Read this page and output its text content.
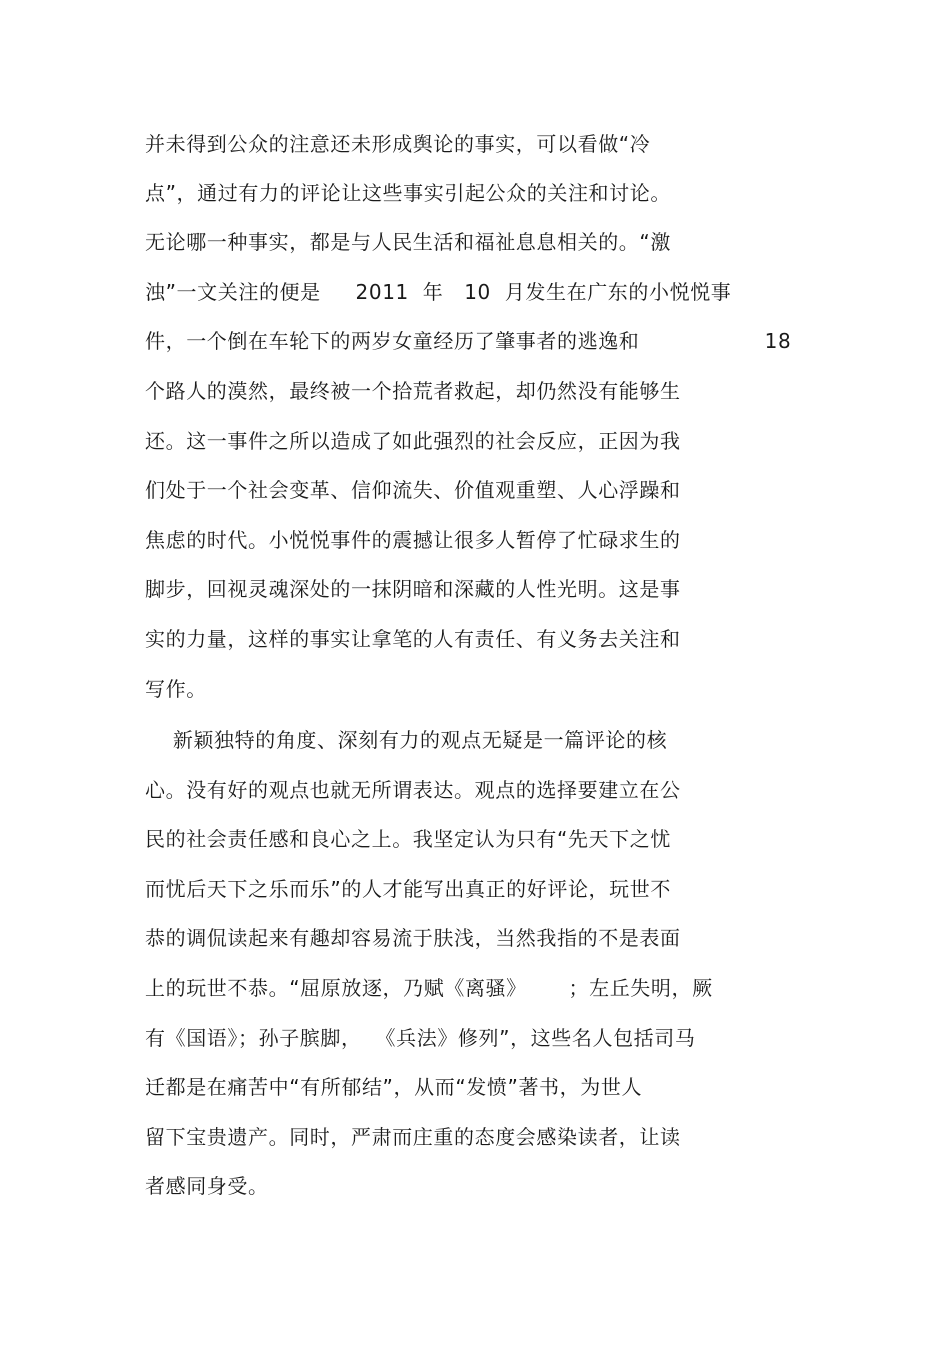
并未得到公众的注意还未形成舆论的事实，可以看做“冷
点”，通过有力的评论让这些事实引起公众的关注和讨论。
无论哪一种事实，都是与人民生活和福祉息息相关的。“激
浊”一文关注的便是     2011  年   10  月发生在广东的小悦悦事
件，一个倒在车轮下的两岁女童经历了肇事者的逃逸和                  18
个路人的漠然，最终被一个拾荒者救起，却仍然没有能够生
还。这一事件之所以造成了如此强烈的社会反应，正因为我
们处于一个社会变革、信仰流失、价值观重塑、人心浮躁和
焦虑的时代。小悦悦事件的震撼让很多人暂停了忙碌求生的
脚步，回视灵魂深处的一抹阴暗和深藏的人性光明。这是事
实的力量，这样的事实让拿笔的人有责任、有义务去关注和
写作。
新颖独特的角度、深刻有力的观点无疑是一篇评论的核
心。没有好的观点也就无所谓表达。观点的选择要建立在公
民的社会责任感和良心之上。我坚定认为只有“先天下之忧
而忧后天下之乐而乐”的人才能写出真正的好评论，玩世不
恭的调侃读起来有趣却容易流于肤浅，当然我指的不是表面
上的玩世不恭。“屈原放逐，乃赋《离骚》      ；左丘失明，厥
有《国语》；孙子膑脚，  《兵法》修列”，这些名人包括司马
迁都是在痛苦中“有所郁结”，从而“发愤”著书，为世人
留下宝贵遗产。同时，严肃而庄重的态度会感染读者，让读
者感同身受。
